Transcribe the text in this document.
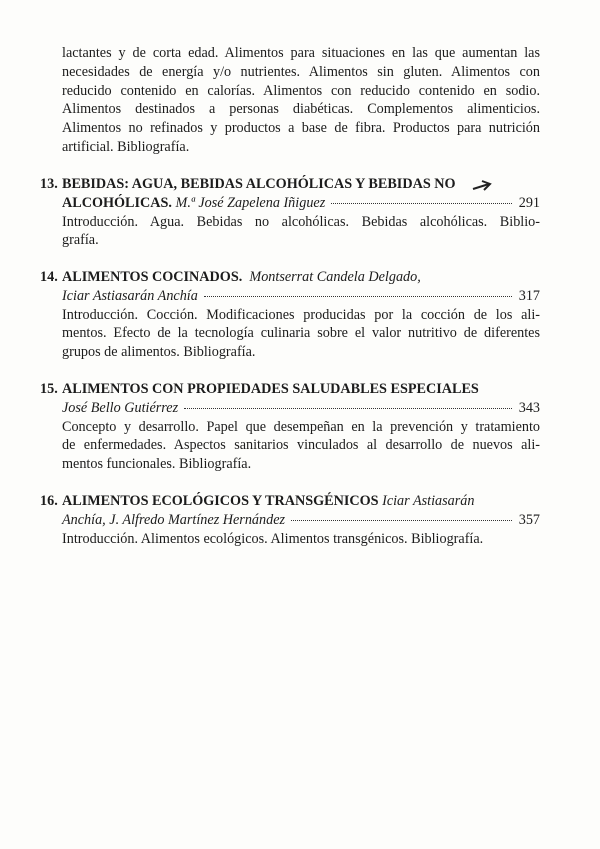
lactantes y de corta edad. Alimentos para situaciones en las que aumentan las
necesidades de energía y/o nutrientes. Alimentos sin gluten. Alimentos con
reducido contenido en calorías. Alimentos con reducido contenido en sodio.
Alimentos destinados a personas diabéticas. Complementos alimenticios.
Alimentos no refinados y productos a base de fibra. Productos para nutrición
artificial. Bibliografía.
13. BEBIDAS: AGUA, BEBIDAS ALCOHÓLICAS Y BEBIDAS NO
ALCOHÓLICAS.
M.ª José Zapelena Iñiguez	291
Introducción. Agua. Bebidas no alcohólicas. Bebidas alcohólicas. Biblio-
grafía.
14. ALIMENTOS COCINADOS. Montserrat Candela Delgado,
Iciar Astiasarán Anchía	317
Introducción. Cocción. Modificaciones producidas por la cocción de los ali-
mentos. Efecto de la tecnología culinaria sobre el valor nutritivo de diferentes
grupos de alimentos. Bibliografía.
15. ALIMENTOS CON PROPIEDADES SALUDABLES ESPECIALES
José Bello Gutiérrez	343
Concepto y desarrollo. Papel que desempeñan en la prevención y tratamiento
de enfermedades. Aspectos sanitarios vinculados al desarrollo de nuevos ali-
mentos funcionales. Bibliografía.
16. ALIMENTOS ECOLÓGICOS Y TRANSGÉNICOS Iciar Astiasarán
Anchía, J. Alfredo Martínez Hernández	357
Introducción. Alimentos ecológicos. Alimentos transgénicos. Bibliografía.
